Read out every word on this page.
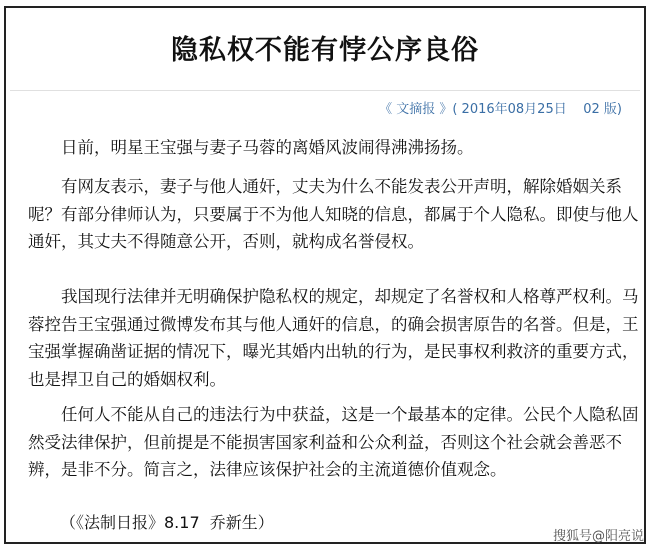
隐私权不能有悖公序良俗
《 文摘报 》( 2016年08月25日    02 版)
日前，明星王宝强与妻子马蓉的离婚风波闹得沸沸扬扬。
有网友表示，妻子与他人通奸，丈夫为什么不能发表公开声明，解除婚姻关系
呢？有部分律师认为，只要属于不为他人知晓的信息，都属于个人隐私。即使与他人
通奸，其丈夫不得随意公开，否则，就构成名誉侵权。
我国现行法律并无明确保护隐私权的规定，却规定了名誉权和人格尊严权利。马
蓉控告王宝强通过微博发布其与他人通奸的信息，的确会损害原告的名誉。但是，王
宝强掌握确凿证据的情况下，曝光其婚内出轨的行为，是民事权利救济的重要方式，
也是捍卫自己的婚姻权利。
任何人不能从自己的违法行为中获益，这是一个最基本的定律。公民个人隐私固
然受法律保护，但前提是不能损害国家利益和公众利益，否则这个社会就会善恶不
辨，是非不分。简言之，法律应该保护社会的主流道德价值观念。
（《法制日报》8.17  乔新生）
搜狐号@阳亮说
